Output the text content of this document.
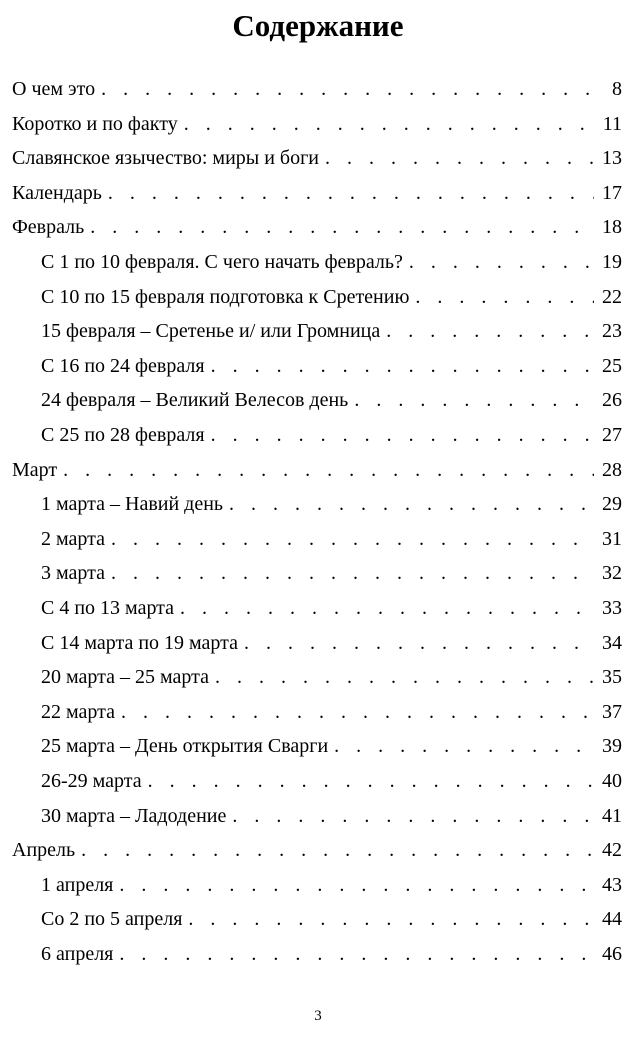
Содержание
О чем это . . .	8
Коротко и по факту . . .	11
Славянское язычество: миры и боги . . .	13
Календарь . . .	17
Февраль . . .	18
С 1 по 10 февраля. С чего начать февраль? . . .	19
С 10 по 15 февраля подготовка к Сретению . . .	22
15 февраля – Сретенье и/ или Громница . . .	23
С 16 по 24 февраля . . .	25
24 февраля – Великий Велесов день . . .	26
С 25 по 28 февраля . . .	27
Март . . .	28
1 марта – Навий день . . .	29
2 марта . . .	31
3 марта . . .	32
С 4 по 13 марта . . .	33
С 14 марта по 19 марта . . .	34
20 марта – 25 марта . . .	35
22 марта . . .	37
25 марта – День открытия Сварги . . .	39
26-29 марта . . .	40
30 марта – Ладодение . . .	41
Апрель . . .	42
1 апреля . . .	43
Со 2 по 5 апреля . . .	44
6 апреля . . .	46
3
